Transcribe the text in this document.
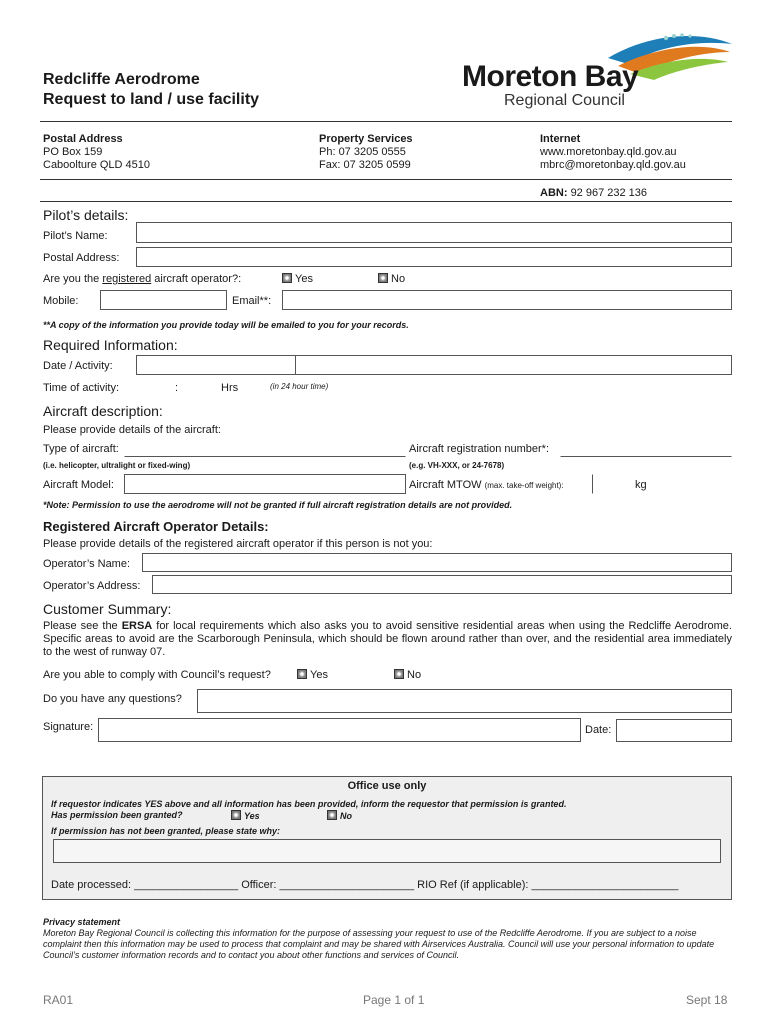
Redcliffe Aerodrome
Request to land / use facility
Moreton Bay
Regional Council
Postal Address
PO Box 159
Caboolture QLD 4510
Property Services
Ph: 07 3205 0555
Fax: 07 3205 0599
Internet
www.moretonbay.qld.gov.au
mbrc@moretonbay.qld.gov.au
ABN: 92 967 232 136
Pilot’s details:
Pilot’s Name:
Postal Address:
Are you the registered aircraft operator?:	Yes	No
Mobile:	Email**:
**A copy of the information you provide today will be emailed to you for your records.
Required Information:
Date / Activity:
Time of activity:	:	Hrs	(in 24 hour time)
Aircraft description:
Please provide details of the aircraft:
Type of aircraft:
(i.e. helicopter, ultralight or fixed-wing)
Aircraft registration number*:
(e.g. VH-XXX, or 24-7678)
Aircraft Model:	Aircraft MTOW (max. take-off weight):	kg
*Note: Permission to use the aerodrome will not be granted if full aircraft registration details are not provided.
Registered Aircraft Operator Details:
Please provide details of the registered aircraft operator if this person is not you:
Operator’s Name:
Operator’s Address:
Customer Summary:
Please see the ERSA for local requirements which also asks you to avoid sensitive residential areas when using the Redcliffe Aerodrome. Specific areas to avoid are the Scarborough Peninsula, which should be flown around rather than over, and the residential area immediately to the west of runway 07.
Are you able to comply with Council’s request?	Yes	No
Do you have any questions?
Signature:	Date:
Office use only
If requestor indicates YES above and all information has been provided, inform the requestor that permission is granted.
Has permission been granted?	Yes	No
If permission has not been granted, please state why:
Date processed: _________________ Officer: ______________________ RIO Ref (if applicable): ________________________
Privacy statement
Moreton Bay Regional Council is collecting this information for the purpose of assessing your request to use of the Redcliffe Aerodrome. If you are subject to a noise complaint then this information may be used to process that complaint and may be shared with Airservices Australia. Council will use your personal information to update Council’s customer information records and to contact you about other functions and services of Council.
RA01	Page 1 of 1	Sept 18
